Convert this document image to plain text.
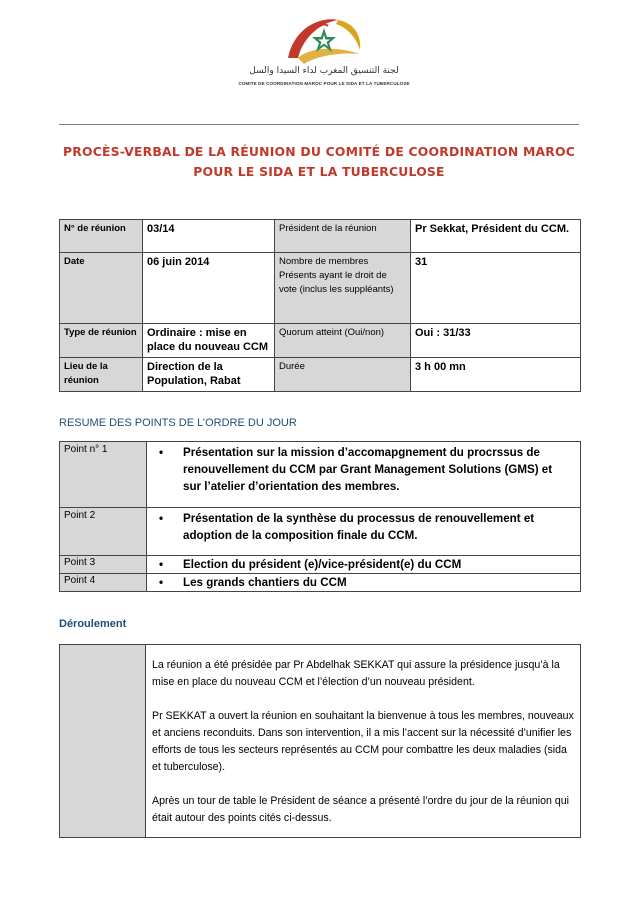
لجنة التنسيق المغرب لداء السيدا والسل
COMITE DE COORDINATION MAROC POUR LE SIDA ET LA TUBERCULOSE
PROCÈS-VERBAL DE LA RÉUNION DU COMITÉ DE COORDINATION MAROC
POUR LE SIDA ET LA TUBERCULOSE
N° de réunion	03/14	Président de la réunion	Pr Sekkat, Président du CCM.
Date	06 juin 2014	Nombre de membres Présents ayant le droit de vote (inclus les suppléants)	31
Type de réunion	Ordinaire : mise en place du nouveau CCM	Quorum atteint (Oui/non)	Oui : 31/33
Lieu de la réunion	Direction de la Population, Rabat	Durée	3 h 00 mn
RESUME DES POINTS DE L’ORDRE DU JOUR
Point n° 1	• Présentation sur la mission d’accomapgnement du procrssus de renouvellement du CCM par Grant Management Solutions (GMS) et sur l’atelier d’orientation des membres.

Point 2	• Présentation de la synthèse du processus de renouvellement et adoption de la composition finale du CCM.

Point 3	• Election du président (e)/vice-président(e) du CCM

Point 4	• Les grands chantiers du CCM
Déroulement

La réunion a été présidée par Pr Abdelhak SEKKAT qui assure la présidence jusqu’à la mise en place du nouveau CCM et l’élection d’un nouveau président.

Pr SEKKAT a ouvert la réunion en souhaitant la bienvenue à tous les membres, nouveaux et anciens reconduits. Dans son intervention, il a mis l’accent sur la nécessité d’unifier les efforts de tous les secteurs représentés au CCM pour combattre les deux maladies (sida et tuberculose).

Après un tour de table le Président de séance a présenté l’ordre du jour de la réunion qui était autour des points cités ci-dessus.
